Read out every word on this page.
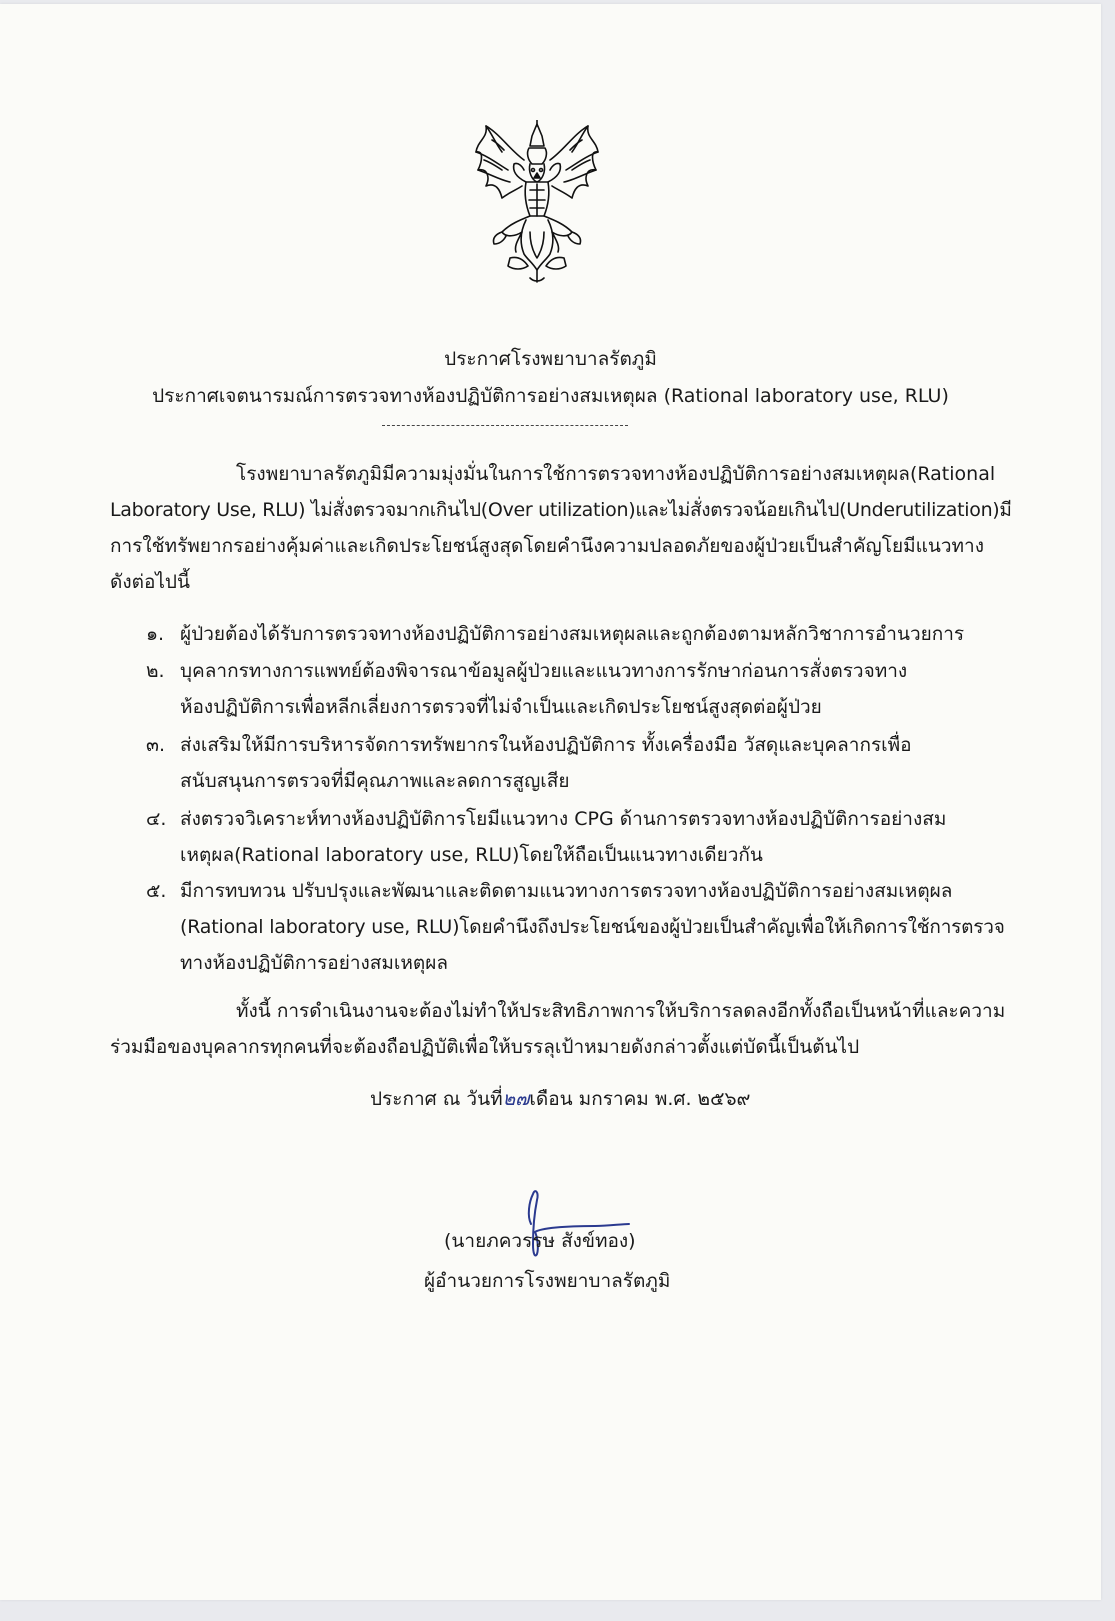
ประกาศโรงพยาบาลรัตภูมิ
ประกาศเจตนารมณ์การตรวจทางห้องปฏิบัติการอย่างสมเหตุผล (Rational laboratory use, RLU)
โรงพยาบาลรัตภูมิมีความมุ่งมั่นในการใช้การตรวจทางห้องปฏิบัติการอย่างสมเหตุผล(Rational
Laboratory Use, RLU) ไม่สั่งตรวจมากเกินไป(Over utilization)และไม่สั่งตรวจน้อยเกินไป(Underutilization)มี
การใช้ทรัพยากรอย่างคุ้มค่าและเกิดประโยชน์สูงสุดโดยคำนึงความปลอดภัยของผู้ป่วยเป็นสำคัญโยมีแนวทาง
ดังต่อไปนี้
๑. ผู้ป่วยต้องได้รับการตรวจทางห้องปฏิบัติการอย่างสมเหตุผลและถูกต้องตามหลักวิชาการอำนวยการ
๒. บุคลากรทางการแพทย์ต้องพิจารณาข้อมูลผู้ป่วยและแนวทางการรักษาก่อนการสั่งตรวจทาง
ห้องปฏิบัติการเพื่อหลีกเลี่ยงการตรวจที่ไม่จำเป็นและเกิดประโยชน์สูงสุดต่อผู้ป่วย
๓. ส่งเสริมให้มีการบริหารจัดการทรัพยากรในห้องปฏิบัติการ ทั้งเครื่องมือ วัสดุและบุคลากรเพื่อ
สนับสนุนการตรวจที่มีคุณภาพและลดการสูญเสีย
๔. ส่งตรวจวิเคราะห์ทางห้องปฏิบัติการโยมีแนวทาง CPG ด้านการตรวจทางห้องปฏิบัติการอย่างสม
เหตุผล(Rational laboratory use, RLU)โดยให้ถือเป็นแนวทางเดียวกัน
๕. มีการทบทวน ปรับปรุงและพัฒนาและติดตามแนวทางการตรวจทางห้องปฏิบัติการอย่างสมเหตุผล
(Rational laboratory use, RLU)โดยคำนึงถึงประโยชน์ของผู้ป่วยเป็นสำคัญเพื่อให้เกิดการใช้การตรวจ
ทางห้องปฏิบัติการอย่างสมเหตุผล
ทั้งนี้ การดำเนินงานจะต้องไม่ทำให้ประสิทธิภาพการให้บริการลดลงอีกทั้งถือเป็นหน้าที่และความ
ร่วมมือของบุคลากรทุกคนที่จะต้องถือปฏิบัติเพื่อให้บรรลุเป้าหมายดังกล่าวตั้งแต่บัดนี้เป็นต้นไป
ประกาศ ณ วันที่๒๗เดือน มกราคม พ.ศ. ๒๕๖๙
(นายภควรรษ สังข์ทอง)
ผู้อำนวยการโรงพยาบาลรัตภูมิ
